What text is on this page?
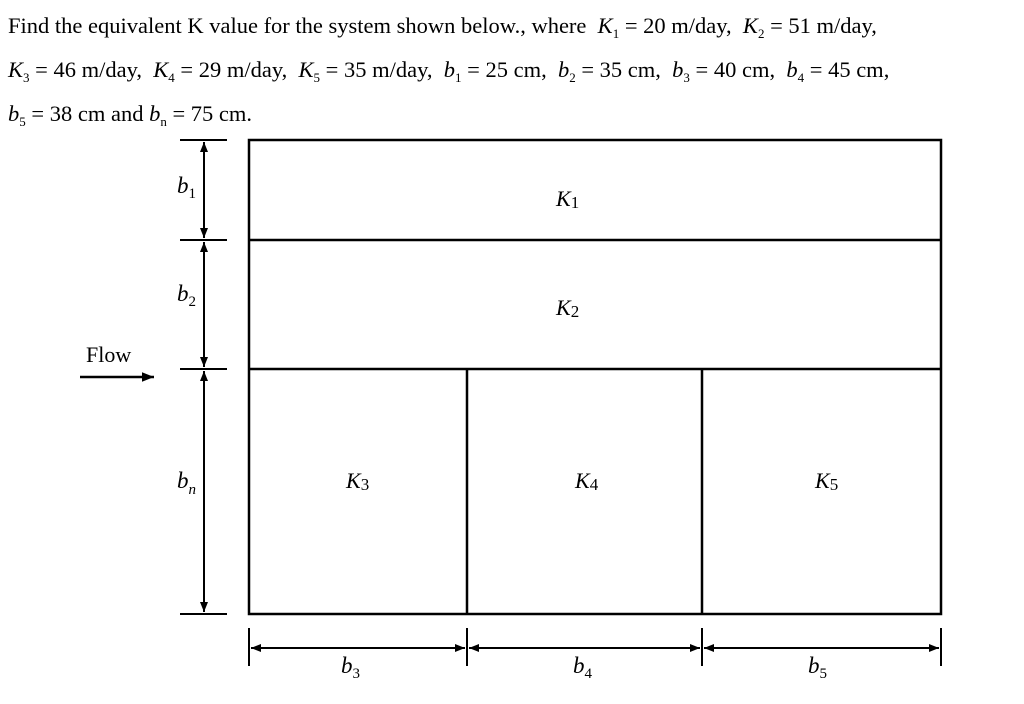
Find the equivalent K value for the system shown below., where $K_1 = 20$ m/day, $K_2 = 51$ m/day,
$K_3 = 46$ m/day, $K_4 = 29$ m/day, $K_5 = 35$ m/day, $b_1 = 25$ cm, $b_2 = 35$ cm, $b_3 = 40$ cm, $b_4 = 45$ cm,
$b_5 = 38$ cm and $b_n = 75$ cm.
K1
K2
K3	K4	K5
$b_1$
$b_2$
$b_n$
Flow
$b_3$	$b_4$	$b_5$
